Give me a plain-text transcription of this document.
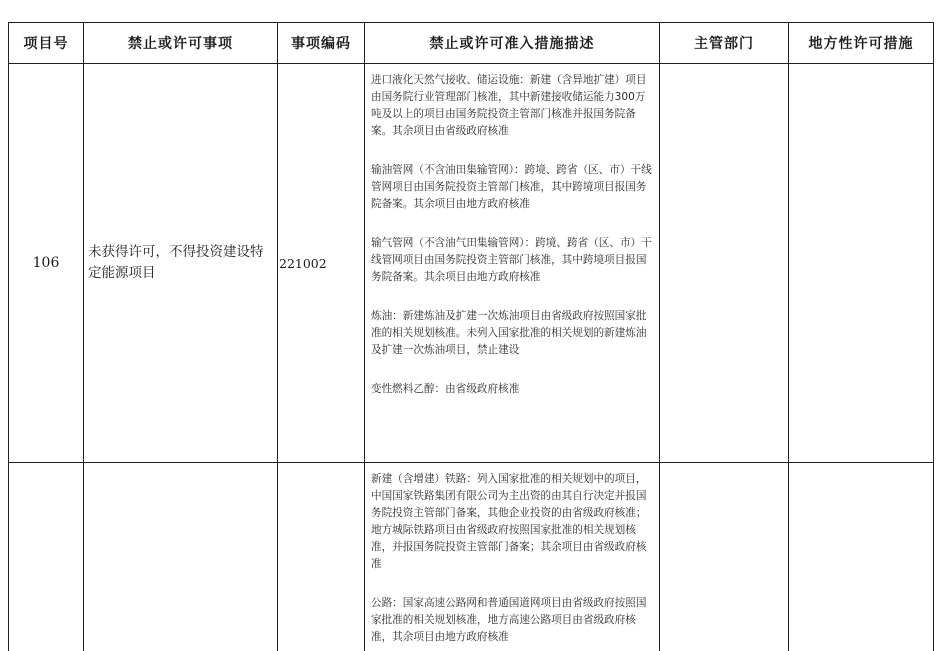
项目号	禁止或许可事项	事项编码	禁止或许可准入措施描述	主管部门	地方性许可措施
106	未获得许可，不得投资建设特定能源项目	221002	进口液化天然气接收、储运设施：新建（含异地扩建）项目由国务院行业管理部门核准，其中新建接收储运能力300万吨及以上的项目由国务院投资主管部门核准并报国务院备案。其余项目由省级政府核准

输油管网（不含油田集输管网）：跨境、跨省（区、市）干线管网项目由国务院投资主管部门核准，其中跨境项目报国务院备案。其余项目由地方政府核准

输气管网（不含油气田集输管网）：跨境、跨省（区、市）干线管网项目由国务院投资主管部门核准，其中跨境项目报国务院备案。其余项目由地方政府核准

炼油：新建炼油及扩建一次炼油项目由省级政府按照国家批准的相关规划核准。未列入国家批准的相关规划的新建炼油及扩建一次炼油项目，禁止建设

变性燃料乙醇：由省级政府核准		

			新建（含增建）铁路：列入国家批准的相关规划中的项目，中国国家铁路集团有限公司为主出资的由其自行决定并报国务院投资主管部门备案，其他企业投资的由省级政府核准；地方城际铁路项目由省级政府按照国家批准的相关规划核准，并报国务院投资主管部门备案；其余项目由省级政府核准

公路：国家高速公路网和普通国道网项目由省级政府按照国家批准的相关规划核准，地方高速公路项目由省级政府核准，其余项目由地方政府核准		
